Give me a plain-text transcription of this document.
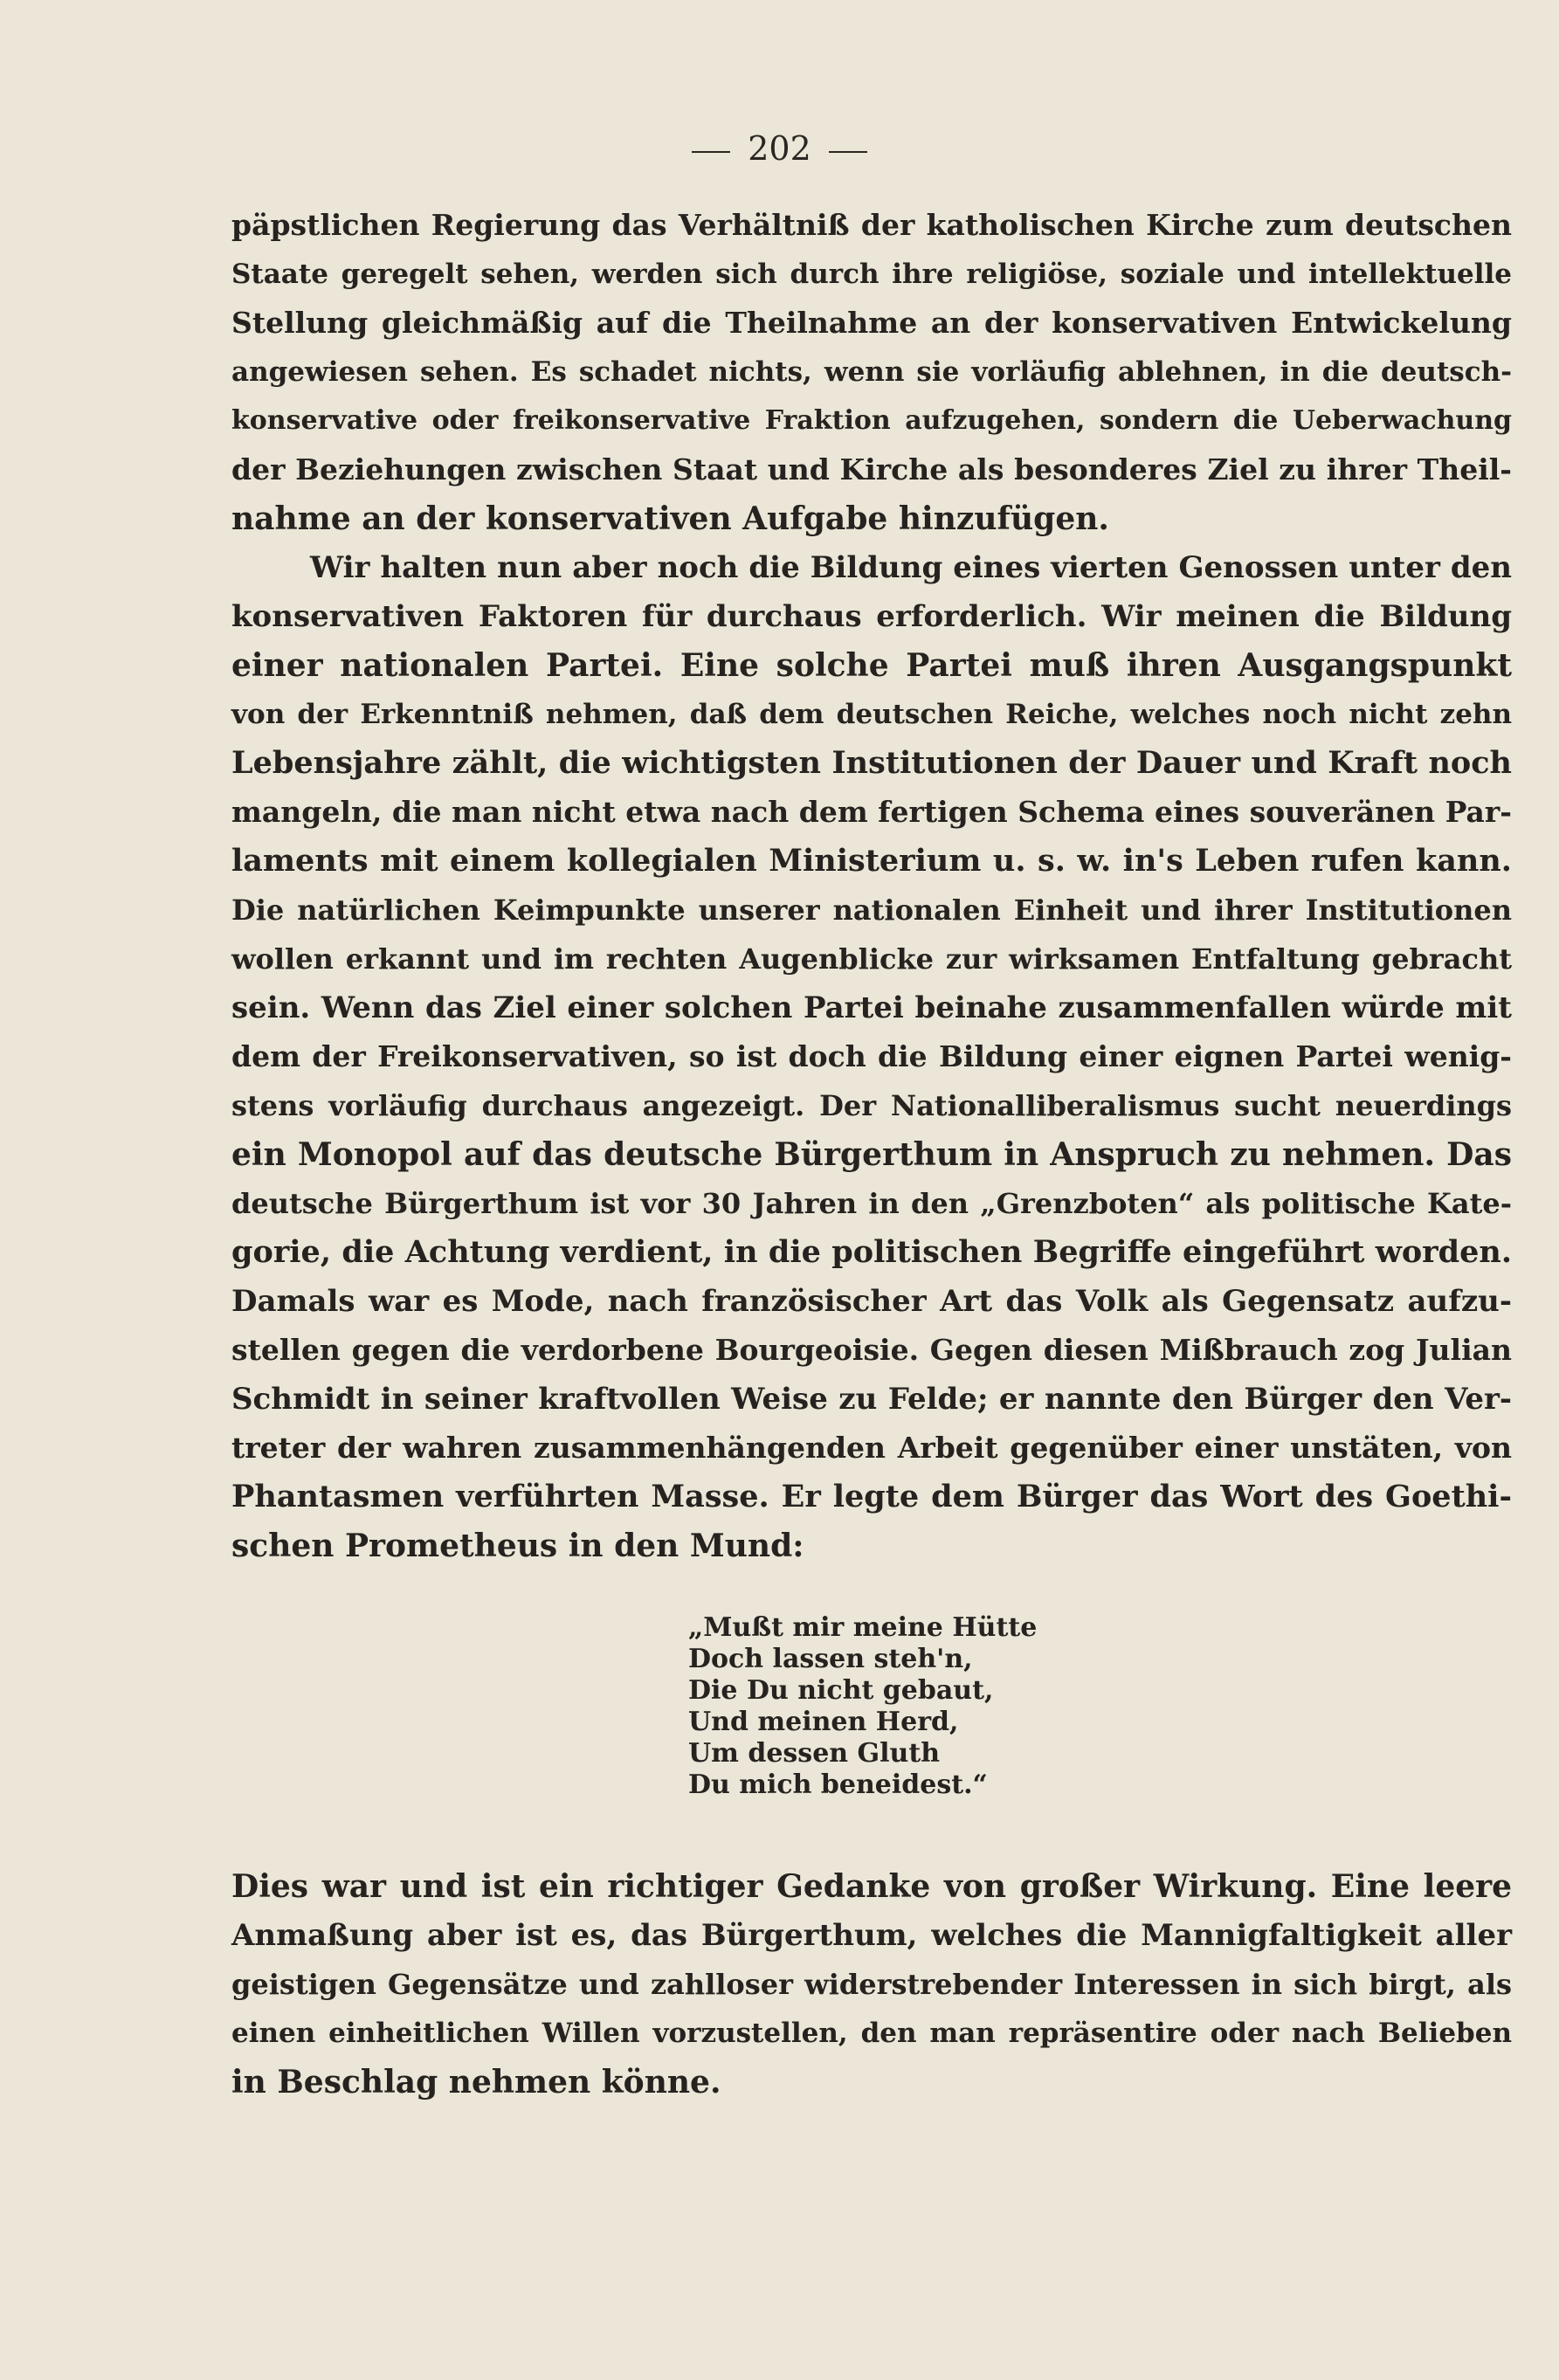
202
päpstlichen Regierung das Verhältniß der katholischen Kirche zum deutschen
Staate geregelt sehen, werden sich durch ihre religiöse, soziale und intellektuelle
Stellung gleichmäßig auf die Theilnahme an der konservativen Entwickelung
angewiesen sehen. Es schadet nichts, wenn sie vorläufig ablehnen, in die deutsch-
konservative oder freikonservative Fraktion aufzugehen, sondern die Ueberwachung
der Beziehungen zwischen Staat und Kirche als besonderes Ziel zu ihrer Theil-
nahme an der konservativen Aufgabe hinzufügen.
Wir halten nun aber noch die Bildung eines vierten Genossen unter den
konservativen Faktoren für durchaus erforderlich. Wir meinen die Bildung
einer nationalen Partei. Eine solche Partei muß ihren Ausgangspunkt
von der Erkenntniß nehmen, daß dem deutschen Reiche, welches noch nicht zehn
Lebensjahre zählt, die wichtigsten Institutionen der Dauer und Kraft noch
mangeln, die man nicht etwa nach dem fertigen Schema eines souveränen Par-
laments mit einem kollegialen Ministerium u. s. w. in's Leben rufen kann.
Die natürlichen Keimpunkte unserer nationalen Einheit und ihrer Institutionen
wollen erkannt und im rechten Augenblicke zur wirksamen Entfaltung gebracht
sein. Wenn das Ziel einer solchen Partei beinahe zusammenfallen würde mit
dem der Freikonservativen, so ist doch die Bildung einer eignen Partei wenig-
stens vorläufig durchaus angezeigt. Der Nationalliberalismus sucht neuerdings
ein Monopol auf das deutsche Bürgerthum in Anspruch zu nehmen. Das
deutsche Bürgerthum ist vor 30 Jahren in den „Grenzboten“ als politische Kate-
gorie, die Achtung verdient, in die politischen Begriffe eingeführt worden.
Damals war es Mode, nach französischer Art das Volk als Gegensatz aufzu-
stellen gegen die verdorbene Bourgeoisie. Gegen diesen Mißbrauch zog Julian
Schmidt in seiner kraftvollen Weise zu Felde; er nannte den Bürger den Ver-
treter der wahren zusammenhängenden Arbeit gegenüber einer unstäten, von
Phantasmen verführten Masse. Er legte dem Bürger das Wort des Goethi-
schen Prometheus in den Mund:
„Mußt mir meine Hütte
Doch lassen steh'n,
Die Du nicht gebaut,
Und meinen Herd,
Um dessen Gluth
Du mich beneidest.“
Dies war und ist ein richtiger Gedanke von großer Wirkung. Eine leere
Anmaßung aber ist es, das Bürgerthum, welches die Mannigfaltigkeit aller
geistigen Gegensätze und zahlloser widerstrebender Interessen in sich birgt, als
einen einheitlichen Willen vorzustellen, den man repräsentire oder nach Belieben
in Beschlag nehmen könne.
